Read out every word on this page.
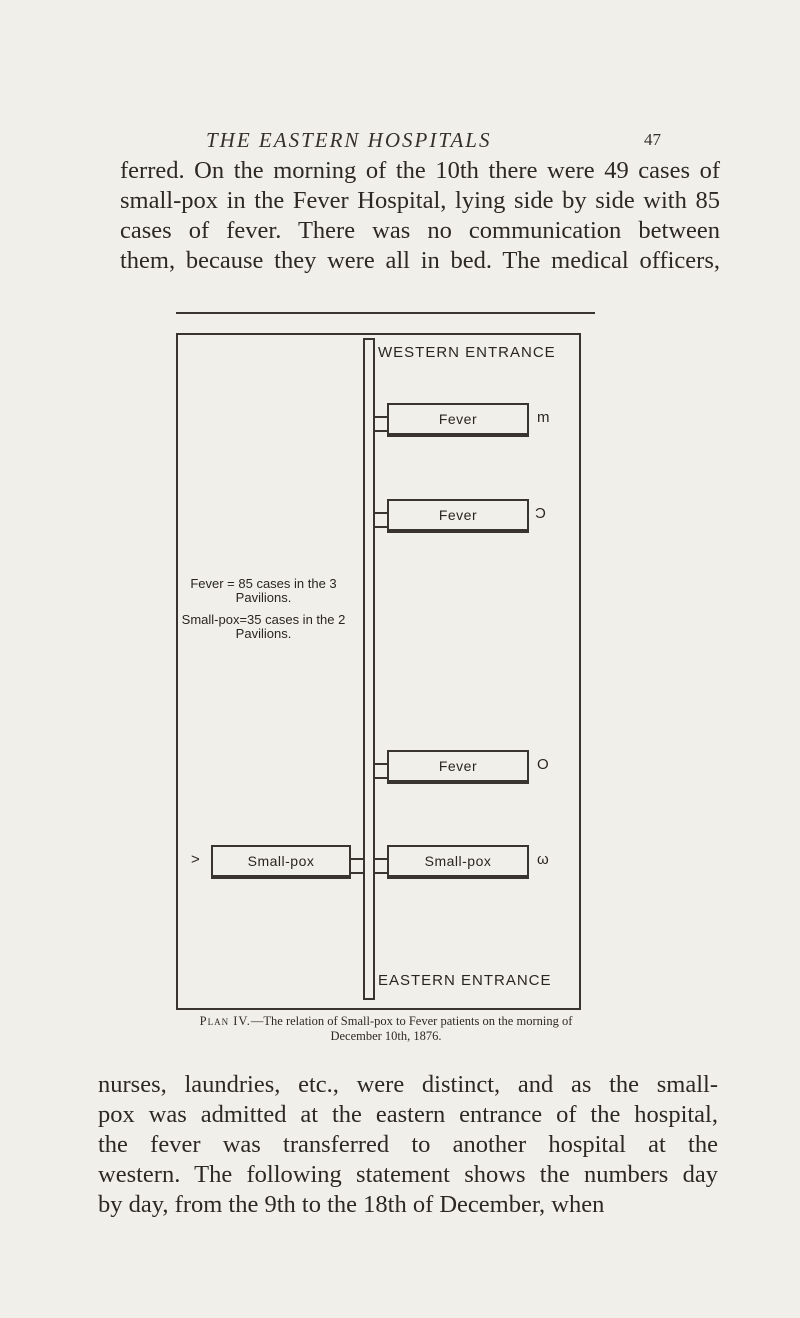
THE EASTERN HOSPITALS	47
ferred. On the morning of the 10th there were 49 cases of
small-pox in the Fever Hospital, lying side by side with 85
cases of fever. There was no communication between
them, because they were all in bed. The medical officers,
WESTERN ENTRANCE
EASTERN ENTRANCE
Fever	m
Fever	Ɔ
Fever	O
Small-pox	ω
Small-pox
>

Fever = 85 cases in the 3 Pavilions.

Small-pox=35 cases in the 2 Pavilions.

Plan IV.—The relation of Small-pox to Fever patients on the morning of December 10th, 1876.
nurses, laundries, etc., were distinct, and as the small-
pox was admitted at the eastern entrance of the hospital,
the fever was transferred to another hospital at the
western. The following statement shows the numbers day
by day, from the 9th to the 18th of December, when
